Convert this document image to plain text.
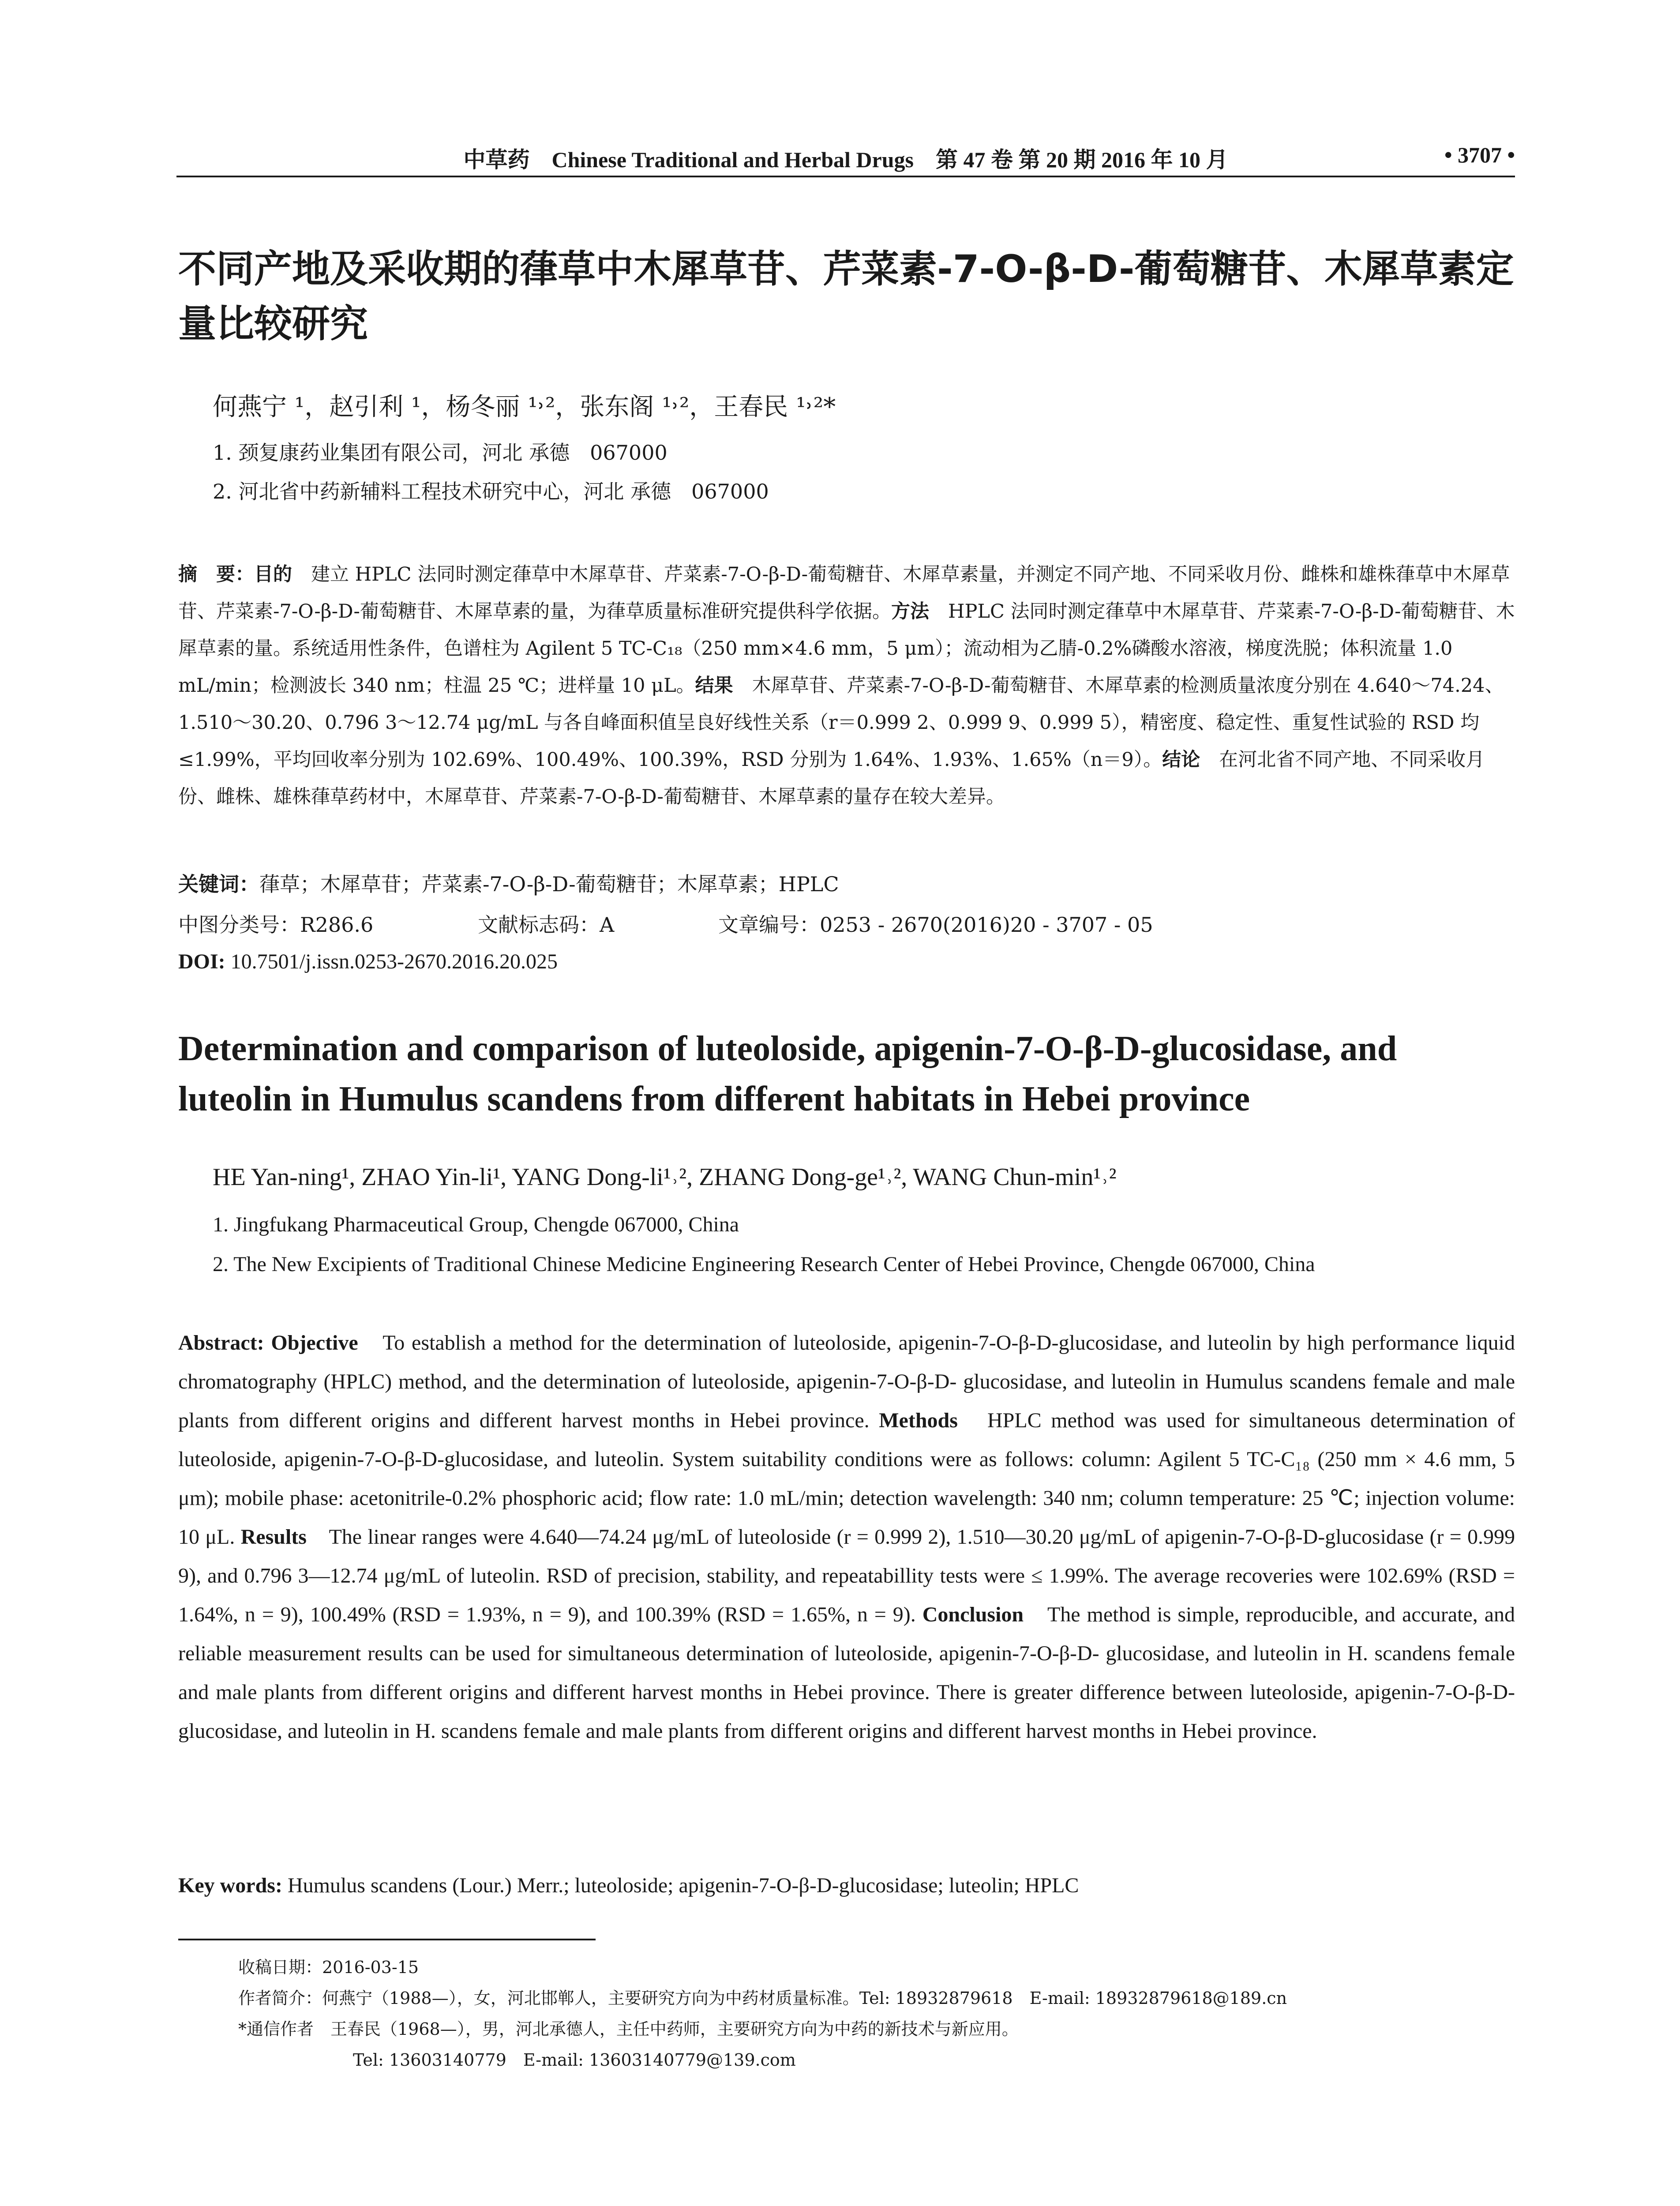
中草药　Chinese Traditional and Herbal Drugs　第 47 卷 第 20 期 2016 年 10 月	• 3707 •
不同产地及采收期的葎草中木犀草苷、芹菜素-7-O-β-D-葡萄糖苷、木犀草素定量比较研究
何燕宁 ¹，赵引利 ¹，杨冬丽 ¹˒²，张东阁 ¹˒²，王春民 ¹˒²*
1. 颈复康药业集团有限公司，河北 承德　067000
2. 河北省中药新辅料工程技术研究中心，河北 承德　067000
摘　要：目的　建立 HPLC 法同时测定葎草中木犀草苷、芹菜素-7-O-β-D-葡萄糖苷、木犀草素量，并测定不同产地、不同采收月份、雌株和雄株葎草中木犀草苷、芹菜素-7-O-β-D-葡萄糖苷、木犀草素的量，为葎草质量标准研究提供科学依据。方法　HPLC 法同时测定葎草中木犀草苷、芹菜素-7-O-β-D-葡萄糖苷、木犀草素的量。系统适用性条件，色谱柱为 Agilent 5 TC-C₁₈（250 mm×4.6 mm，5 μm）；流动相为乙腈-0.2%磷酸水溶液，梯度洗脱；体积流量 1.0 mL/min；检测波长 340 nm；柱温 25 ℃；进样量 10 μL。结果　木犀草苷、芹菜素-7-O-β-D-葡萄糖苷、木犀草素的检测质量浓度分别在 4.640～74.24、1.510～30.20、0.796 3～12.74 μg/mL 与各自峰面积值呈良好线性关系（r＝0.999 2、0.999 9、0.999 5），精密度、稳定性、重复性试验的 RSD 均≤1.99%，平均回收率分别为 102.69%、100.49%、100.39%，RSD 分别为 1.64%、1.93%、1.65%（n＝9）。结论　在河北省不同产地、不同采收月份、雌株、雄株葎草药材中，木犀草苷、芹菜素-7-O-β-D-葡萄糖苷、木犀草素的量存在较大差异。
关键词：葎草；木犀草苷；芹菜素-7-O-β-D-葡萄糖苷；木犀草素；HPLC
中图分类号：R286.6	文献标志码：A	文章编号：0253 - 2670(2016)20 - 3707 - 05
DOI: 10.7501/j.issn.0253-2670.2016.20.025
Determination and comparison of luteoloside, apigenin-7-O-β-D-glucosidase, and luteolin in Humulus scandens from different habitats in Hebei province
HE Yan-ning¹, ZHAO Yin-li¹, YANG Dong-li¹˒², ZHANG Dong-ge¹˒², WANG Chun-min¹˒²
1. Jingfukang Pharmaceutical Group, Chengde 067000, China
2. The New Excipients of Traditional Chinese Medicine Engineering Research Center of Hebei Province, Chengde 067000, China
Abstract: Objective　To establish a method for the determination of luteoloside, apigenin-7-O-β-D-glucosidase, and luteolin by high performance liquid chromatography (HPLC) method, and the determination of luteoloside, apigenin-7-O-β-D- glucosidase, and luteolin in Humulus scandens female and male plants from different origins and different harvest months in Hebei province. Methods　HPLC method was used for simultaneous determination of luteoloside, apigenin-7-O-β-D-glucosidase, and luteolin. System suitability conditions were as follows: column: Agilent 5 TC-C₁₈ (250 mm × 4.6 mm, 5 μm); mobile phase: acetonitrile-0.2% phosphoric acid; flow rate: 1.0 mL/min; detection wavelength: 340 nm; column temperature: 25 ℃; injection volume: 10 μL. Results　The linear ranges were 4.640—74.24 μg/mL of luteoloside (r = 0.999 2), 1.510—30.20 μg/mL of apigenin-7-O-β-D-glucosidase (r = 0.999 9), and 0.796 3—12.74 μg/mL of luteolin. RSD of precision, stability, and repeatabillity tests were ≤ 1.99%. The average recoveries were 102.69% (RSD = 1.64%, n = 9), 100.49% (RSD = 1.93%, n = 9), and 100.39% (RSD = 1.65%, n = 9). Conclusion　The method is simple, reproducible, and accurate, and reliable measurement results can be used for simultaneous determination of luteoloside, apigenin-7-O-β-D- glucosidase, and luteolin in H. scandens female and male plants from different origins and different harvest months in Hebei province. There is greater difference between luteoloside, apigenin-7-O-β-D-glucosidase, and luteolin in H. scandens female and male plants from different origins and different harvest months in Hebei province.
Key words: Humulus scandens (Lour.) Merr.; luteoloside; apigenin-7-O-β-D-glucosidase; luteolin; HPLC
收稿日期：2016-03-15
作者简介：何燕宁（1988—），女，河北邯郸人，主要研究方向为中药材质量标准。Tel: 18932879618　E-mail: 18932879618@189.cn
*通信作者　王春民（1968—），男，河北承德人，主任中药师，主要研究方向为中药的新技术与新应用。
Tel: 13603140779　E-mail: 13603140779@139.com
